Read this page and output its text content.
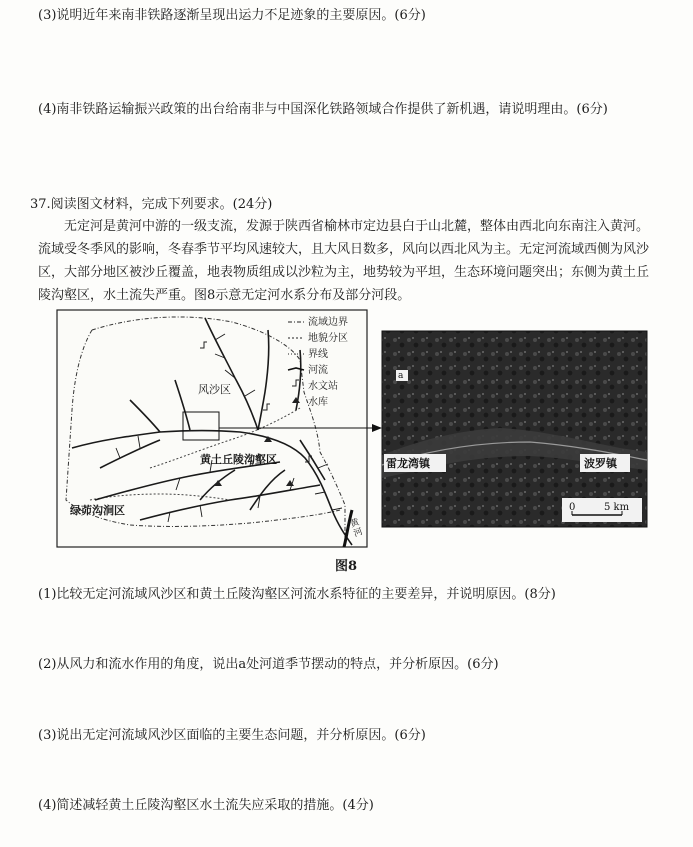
(3)说明近年来南非铁路逐渐呈现出运力不足迹象的主要原因。(6分)
(4)南非铁路运输振兴政策的出台给南非与中国深化铁路领域合作提供了新机遇，请说明理由。(6分)
37.阅读图文材料，完成下列要求。(24分)

　　无定河是黄河中游的一级支流，发源于陕西省榆林市定边县白于山北麓，整体由西北向东南注入黄河。

流域受冬季风的影响，冬春季节平均风速较大，且大风日数多，风向以西北风为主。无定河流域西侧为风沙

区，大部分地区被沙丘覆盖，地表物质组成以沙粒为主，地势较为平坦，生态环境问题突出；东侧为黄土丘

陵沟壑区，水土流失严重。图8示意无定河水系分布及部分河段。

流域边界
地貌分区
界线
河流
水文站
水库
风沙区
黄土丘陵沟壑区
绿茆沟涧区
黄河
a
雷龙湾镇	波罗镇
0	5 km
图8
(1)比较无定河流域风沙区和黄土丘陵沟壑区河流水系特征的主要差异，并说明原因。(8分)
(2)从风力和流水作用的角度，说出a处河道季节摆动的特点，并分析原因。(6分)
(3)说出无定河流域风沙区面临的主要生态问题，并分析原因。(6分)
(4)简述减轻黄土丘陵沟壑区水土流失应采取的措施。(4分)
